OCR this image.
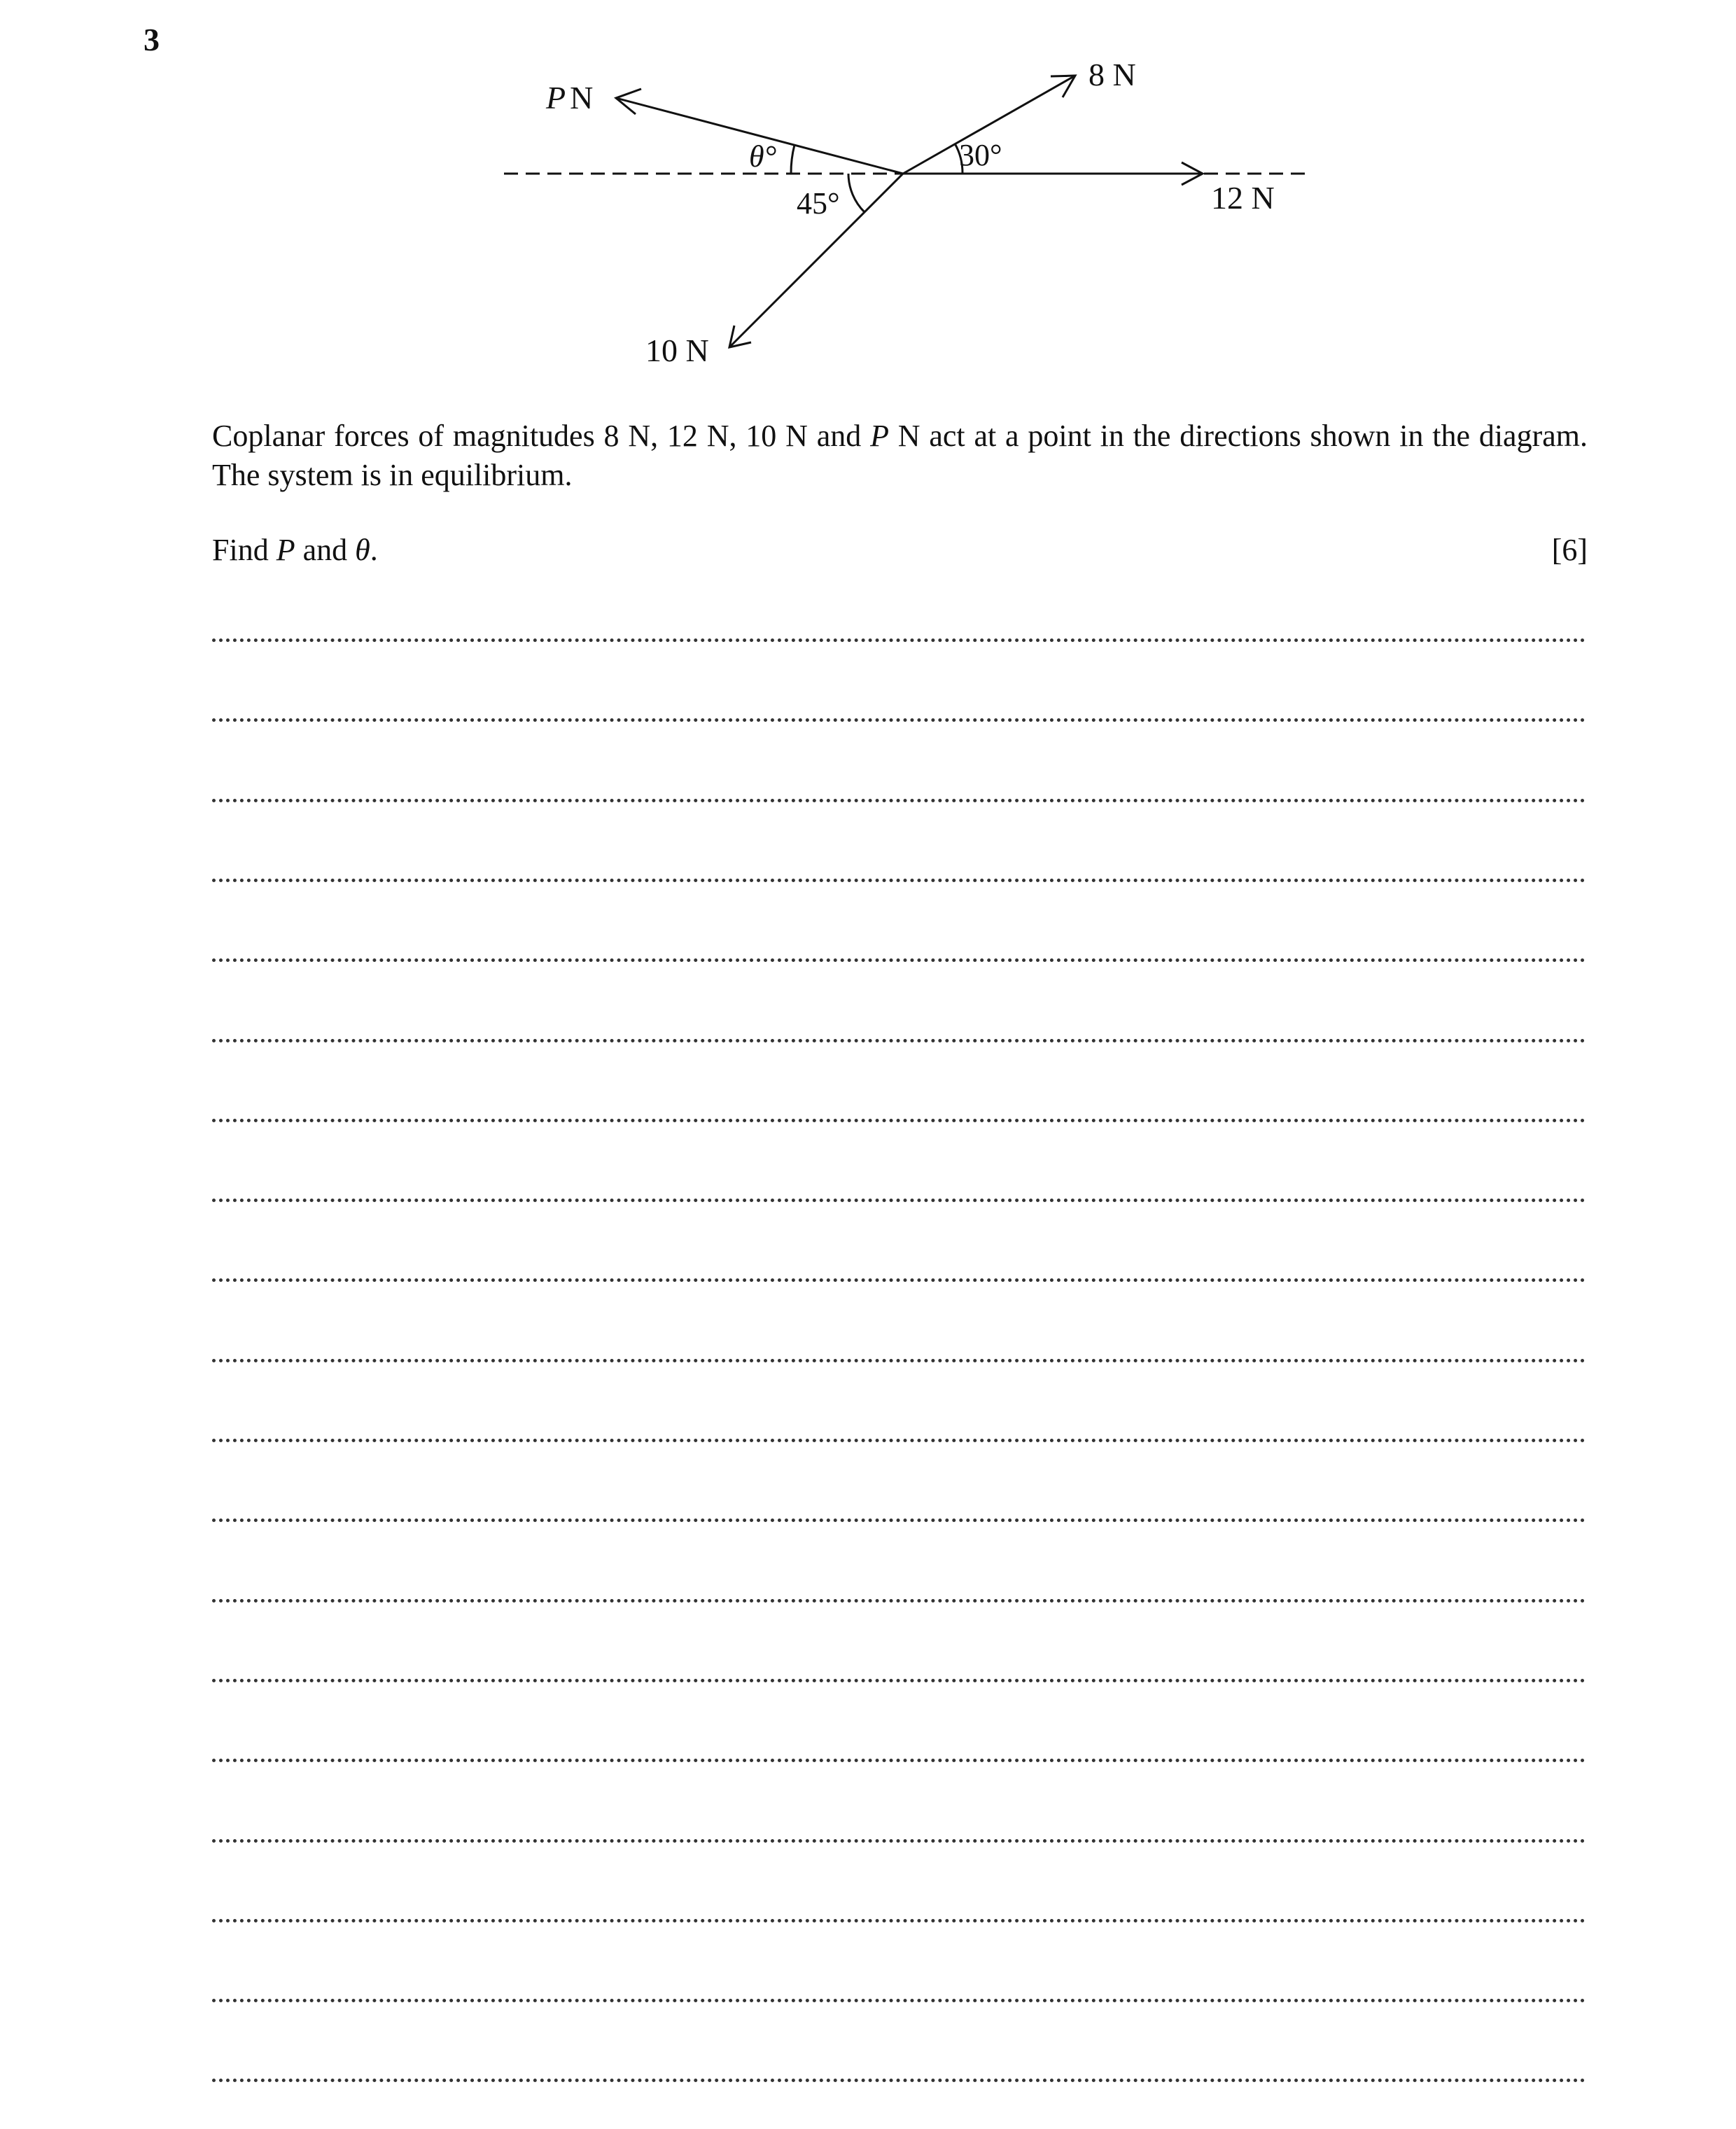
3
P N
8 N
12 N
10 N
θ°	30°
45°
Coplanar forces of magnitudes 8 N, 12 N, 10 N and P N act at a point in the directions shown in the diagram. The system is in equilibrium.
Find P and θ.	[6]
